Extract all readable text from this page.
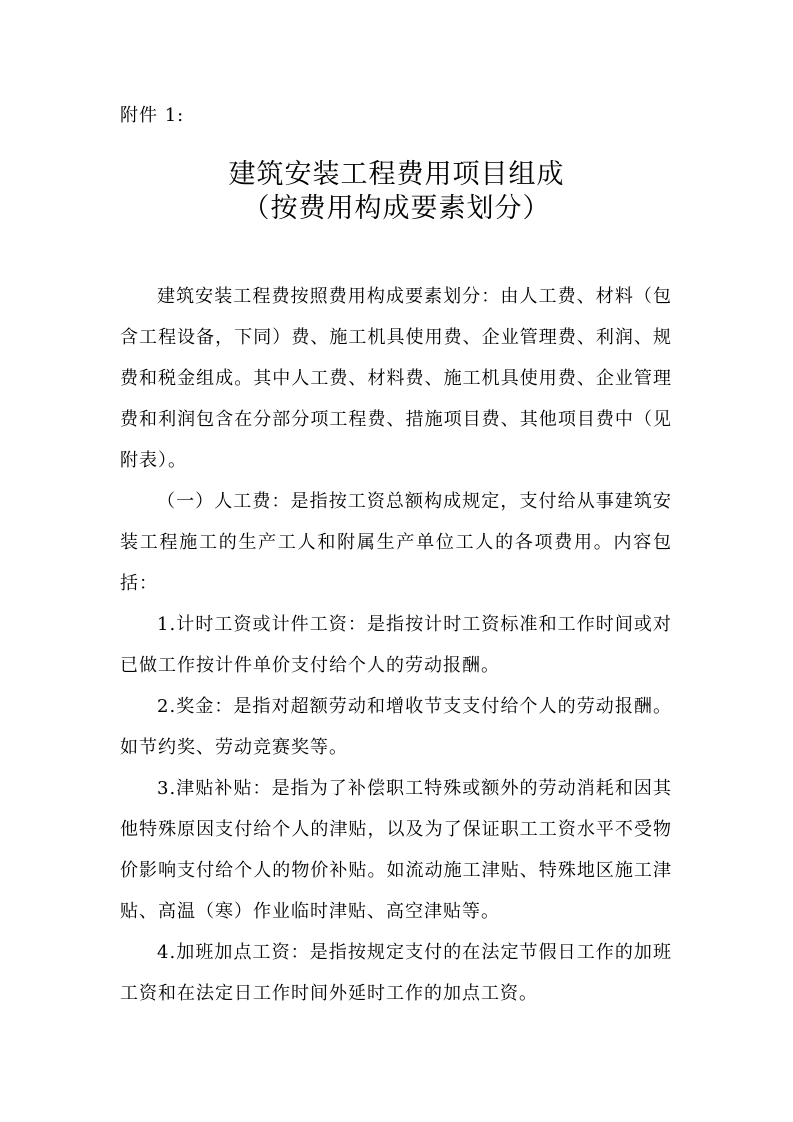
附件 1:
建筑安装工程费用项目组成
（按费用构成要素划分）

建筑安装工程费按照费用构成要素划分：由人工费、材料（包含工程设备，下同）费、施工机具使用费、企业管理费、利润、规费和税金组成。其中人工费、材料费、施工机具使用费、企业管理费和利润包含在分部分项工程费、措施项目费、其他项目费中（见附表）。

（一）人工费：是指按工资总额构成规定，支付给从事建筑安装工程施工的生产工人和附属生产单位工人的各项费用。内容包括：

1.计时工资或计件工资：是指按计时工资标准和工作时间或对已做工作按计件单价支付给个人的劳动报酬。

2.奖金：是指对超额劳动和增收节支支付给个人的劳动报酬。如节约奖、劳动竞赛奖等。

3.津贴补贴：是指为了补偿职工特殊或额外的劳动消耗和因其他特殊原因支付给个人的津贴，以及为了保证职工工资水平不受物价影响支付给个人的物价补贴。如流动施工津贴、特殊地区施工津贴、高温（寒）作业临时津贴、高空津贴等。

4.加班加点工资：是指按规定支付的在法定节假日工作的加班工资和在法定日工作时间外延时工作的加点工资。
